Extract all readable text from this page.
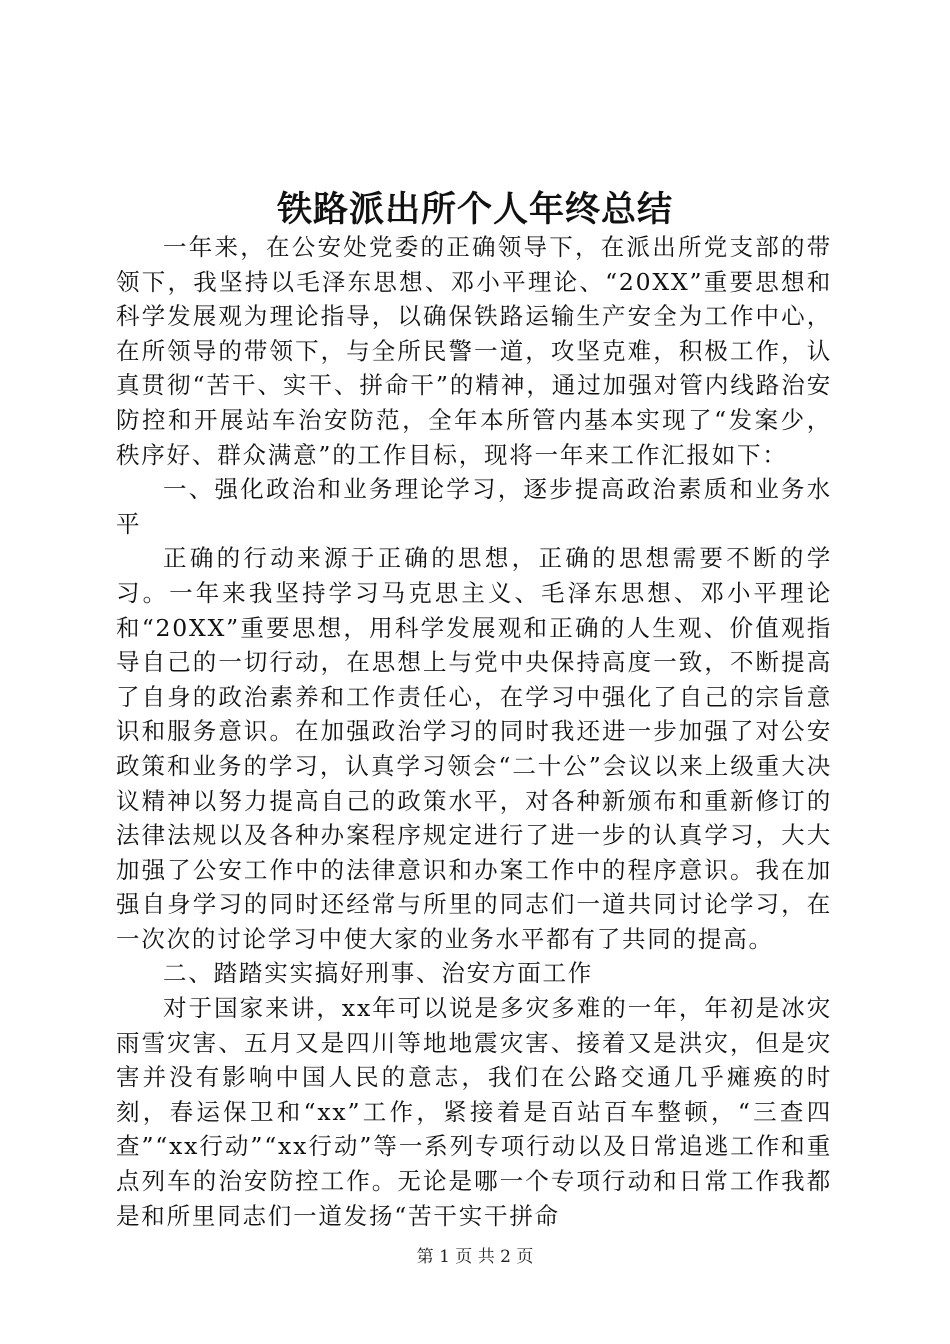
铁路派出所个人年终总结

一年来，在公安处党委的正确领导下，在派出所党支部的带领下，我坚持以毛泽东思想、邓小平理论、“20XX”重要思想和科学发展观为理论指导，以确保铁路运输生产安全为工作中心，在所领导的带领下，与全所民警一道，攻坚克难，积极工作，认真贯彻“苦干、实干、拼命干”的精神，通过加强对管内线路治安防控和开展站车治安防范，全年本所管内基本实现了“发案少，秩序好、群众满意”的工作目标，现将一年来工作汇报如下：

一、强化政治和业务理论学习，逐步提高政治素质和业务水平

正确的行动来源于正确的思想，正确的思想需要不断的学习。一年来我坚持学习马克思主义、毛泽东思想、邓小平理论和“20XX”重要思想，用科学发展观和正确的人生观、价值观指导自己的一切行动，在思想上与党中央保持高度一致，不断提高了自身的政治素养和工作责任心，在学习中强化了自己的宗旨意识和服务意识。在加强政治学习的同时我还进一步加强了对公安政策和业务的学习，认真学习领会“二十公”会议以来上级重大决议精神以努力提高自己的政策水平，对各种新颁布和重新修订的法律法规以及各种办案程序规定进行了进一步的认真学习，大大加强了公安工作中的法律意识和办案工作中的程序意识。我在加强自身学习的同时还经常与所里的同志们一道共同讨论学习，在一次次的讨论学习中使大家的业务水平都有了共同的提高。

二、踏踏实实搞好刑事、治安方面工作

对于国家来讲，xx年可以说是多灾多难的一年，年初是冰灾雨雪灾害、五月又是四川等地地震灾害、接着又是洪灾，但是灾害并没有影响中国人民的意志，我们在公路交通几乎瘫痪的时刻，春运保卫和“xx”工作，紧接着是百站百车整顿，“三查四查”“xx行动”“xx行动”等一系列专项行动以及日常追逃工作和重点列车的治安防控工作。无论是哪一个专项行动和日常工作我都是和所里同志们一道发扬“苦干实干拼命

第 1 页 共 2 页
